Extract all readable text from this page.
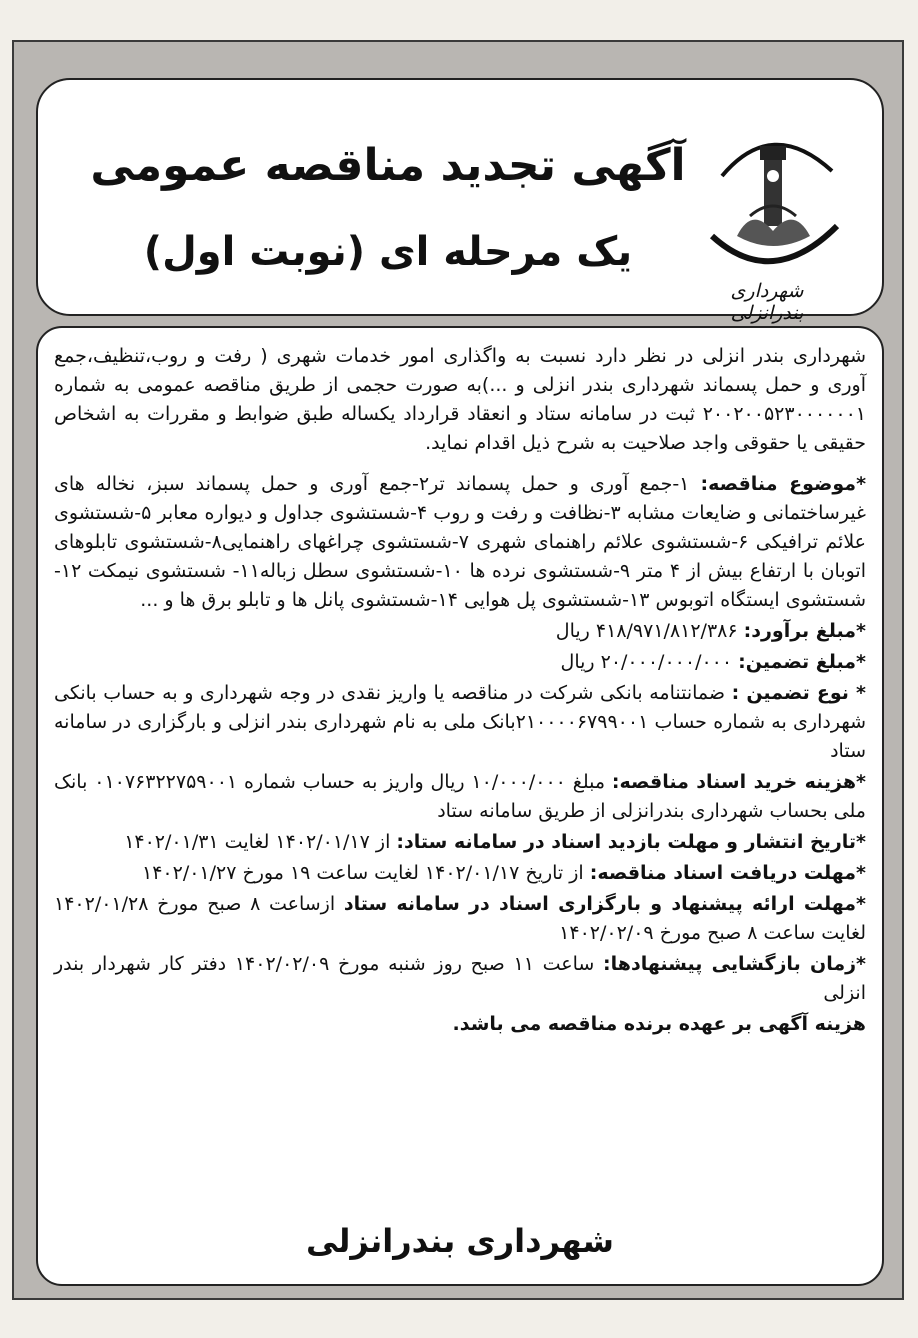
آگهی تجدید مناقصه عمومی
یک مرحله ای (نوبت اول)
شهرداری بندرانزلی

شهرداری بندر انزلی در نظر دارد نسبت به واگذاری امور خدمات شهری ( رفت و روب،تنظیف،جمع آوری و حمل پسماند شهرداری بندر انزلی و ...)به صورت حجمی از طریق مناقصه عمومی به شماره ۲۰۰۲۰۰۵۲۳۰۰۰۰۰۰۱ ثبت در سامانه ستاد و انعقاد قرارداد یکساله طبق ضوابط و مقررات به اشخاص حقیقی یا حقوقی واجد صلاحیت به شرح ذیل اقدام نماید.

*موضوع مناقصه: ۱-جمع آوری و حمل پسماند تر۲-جمع آوری و حمل پسماند سبز، نخاله های غیرساختمانی و ضایعات مشابه ۳-نظافت و رفت و روب ۴-شستشوی جداول و دیواره معابر ۵-شستشوی علائم ترافیکی ۶-شستشوی علائم راهنمای شهری ۷-شستشوی چراغهای راهنمایی۸-شستشوی تابلوهای اتوبان با ارتفاع بیش از ۴ متر ۹-شستشوی نرده ها ۱۰-شستشوی سطل زباله۱۱- شستشوی نیمکت ۱۲-شستشوی ایستگاه اتوبوس ۱۳-شستشوی پل هوایی ۱۴-شستشوی پانل ها و تابلو برق ها و ...
*مبلغ برآورد: ۴۱۸/۹۷۱/۸۱۲/۳۸۶ ریال
*مبلغ تضمین: ۲۰/۰۰۰/۰۰۰/۰۰۰ ریال
* نوع تضمین : ضمانتنامه بانکی شرکت در مناقصه یا واریز نقدی در وجه شهرداری و به حساب بانکی شهرداری به شماره حساب ۲۱۰۰۰۰۶۷۹۹۰۰۱بانک ملی به نام شهرداری بندر انزلی و بارگزاری در سامانه ستاد
*هزینه خرید اسناد مناقصه: مبلغ ۱۰/۰۰۰/۰۰۰ ریال واریز به حساب شماره ۰۱۰۷۶۳۲۲۷۵۹۰۰۱ بانک ملی بحساب شهرداری بندرانزلی از طریق سامانه ستاد
*تاریخ انتشار و مهلت بازدید اسناد در سامانه ستاد: از ۱۴۰۲/۰۱/۱۷ لغایت ۱۴۰۲/۰۱/۳۱
*مهلت دریافت اسناد مناقصه: از تاریخ ۱۴۰۲/۰۱/۱۷ لغایت ساعت ۱۹ مورخ ۱۴۰۲/۰۱/۲۷
*مهلت ارائه پیشنهاد و بارگزاری اسناد در سامانه ستاد ازساعت ۸ صبح مورخ ۱۴۰۲/۰۱/۲۸ لغایت ساعت ۸ صبح مورخ ۱۴۰۲/۰۲/۰۹
*زمان بازگشایی پیشنهادها: ساعت ۱۱ صبح روز شنبه مورخ ۱۴۰۲/۰۲/۰۹ دفتر کار شهردار بندر انزلی
هزینه آگهی بر عهده برنده مناقصه می باشد.
شهرداری بندرانزلی
